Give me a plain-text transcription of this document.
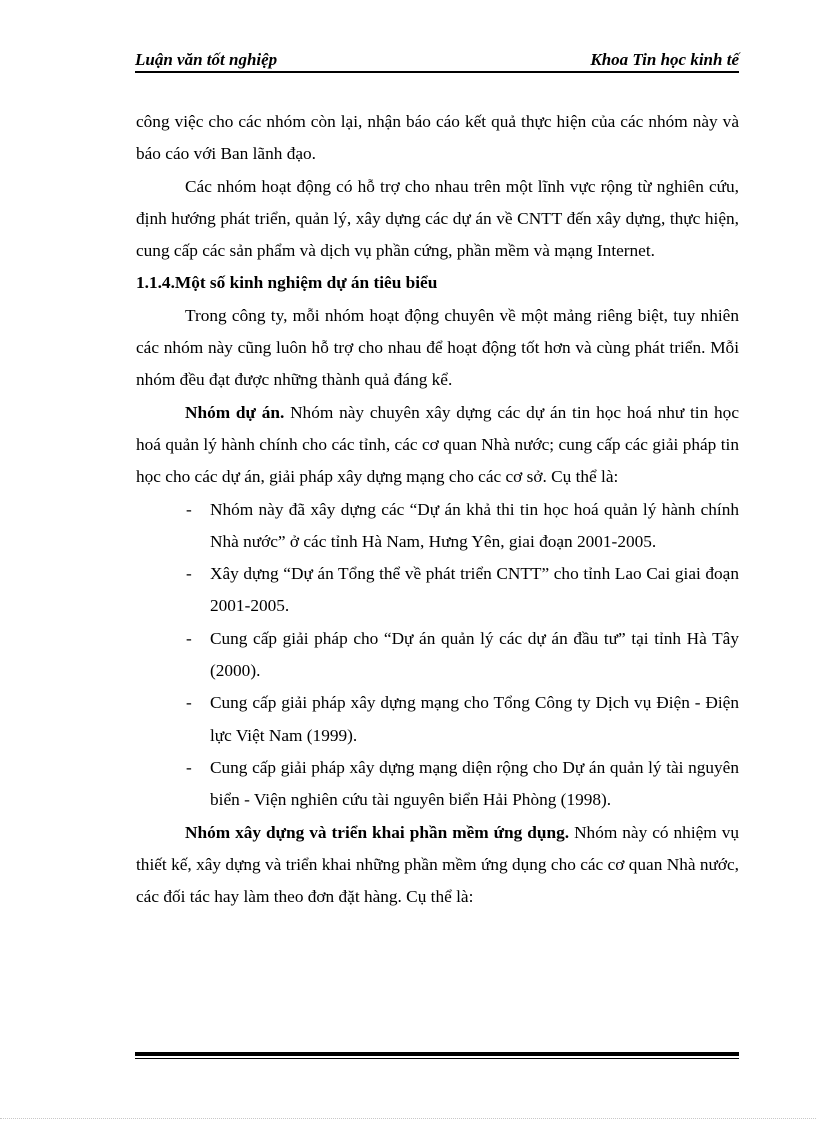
Luận văn tốt nghiệp	Khoa Tin học kinh tế

công việc cho các nhóm còn lại, nhận báo cáo kết quả thực hiện của các nhóm này và báo cáo với Ban lãnh đạo.

Các nhóm hoạt động có hỗ trợ cho nhau trên một lĩnh vực rộng từ nghiên cứu, định hướng phát triển, quản lý, xây dựng các dự án về CNTT đến xây dựng, thực hiện, cung cấp các sản phẩm và dịch vụ phần cứng, phần mềm và mạng Internet.

1.1.4.Một số kinh nghiệm dự án tiêu biểu

Trong công ty, mỗi nhóm hoạt động chuyên về một mảng riêng biệt, tuy nhiên các nhóm này cũng luôn hỗ trợ cho nhau để hoạt động tốt hơn và cùng phát triển. Mỗi nhóm đều đạt được những thành quả đáng kể.

Nhóm dự án. Nhóm này chuyên xây dựng các dự án tin học hoá như tin học hoá quản lý hành chính cho các tỉnh, các cơ quan Nhà nước; cung cấp các giải pháp tin học cho các dự án, giải pháp xây dựng mạng cho các cơ sở. Cụ thể là:

- Nhóm này đã xây dựng các “Dự án khả thi tin học hoá quản lý hành chính Nhà nước” ở các tỉnh Hà Nam, Hưng Yên, giai đoạn 2001-2005.
- Xây dựng “Dự án Tổng thể về phát triển CNTT” cho tỉnh Lao Cai giai đoạn 2001-2005.
- Cung cấp giải pháp cho “Dự án quản lý các dự án đầu tư” tại tỉnh Hà Tây (2000).
- Cung cấp giải pháp xây dựng mạng cho Tổng Công ty Dịch vụ Điện - Điện lực Việt Nam (1999).
- Cung cấp giải pháp xây dựng mạng diện rộng cho Dự án quản lý tài nguyên biển - Viện nghiên cứu tài nguyên biển Hải Phòng (1998).

Nhóm xây dựng và triển khai phần mềm ứng dụng. Nhóm này có nhiệm vụ thiết kế, xây dựng và triển khai những phần mềm ứng dụng cho các cơ quan Nhà nước, các đối tác hay làm theo đơn đặt hàng. Cụ thể là:
